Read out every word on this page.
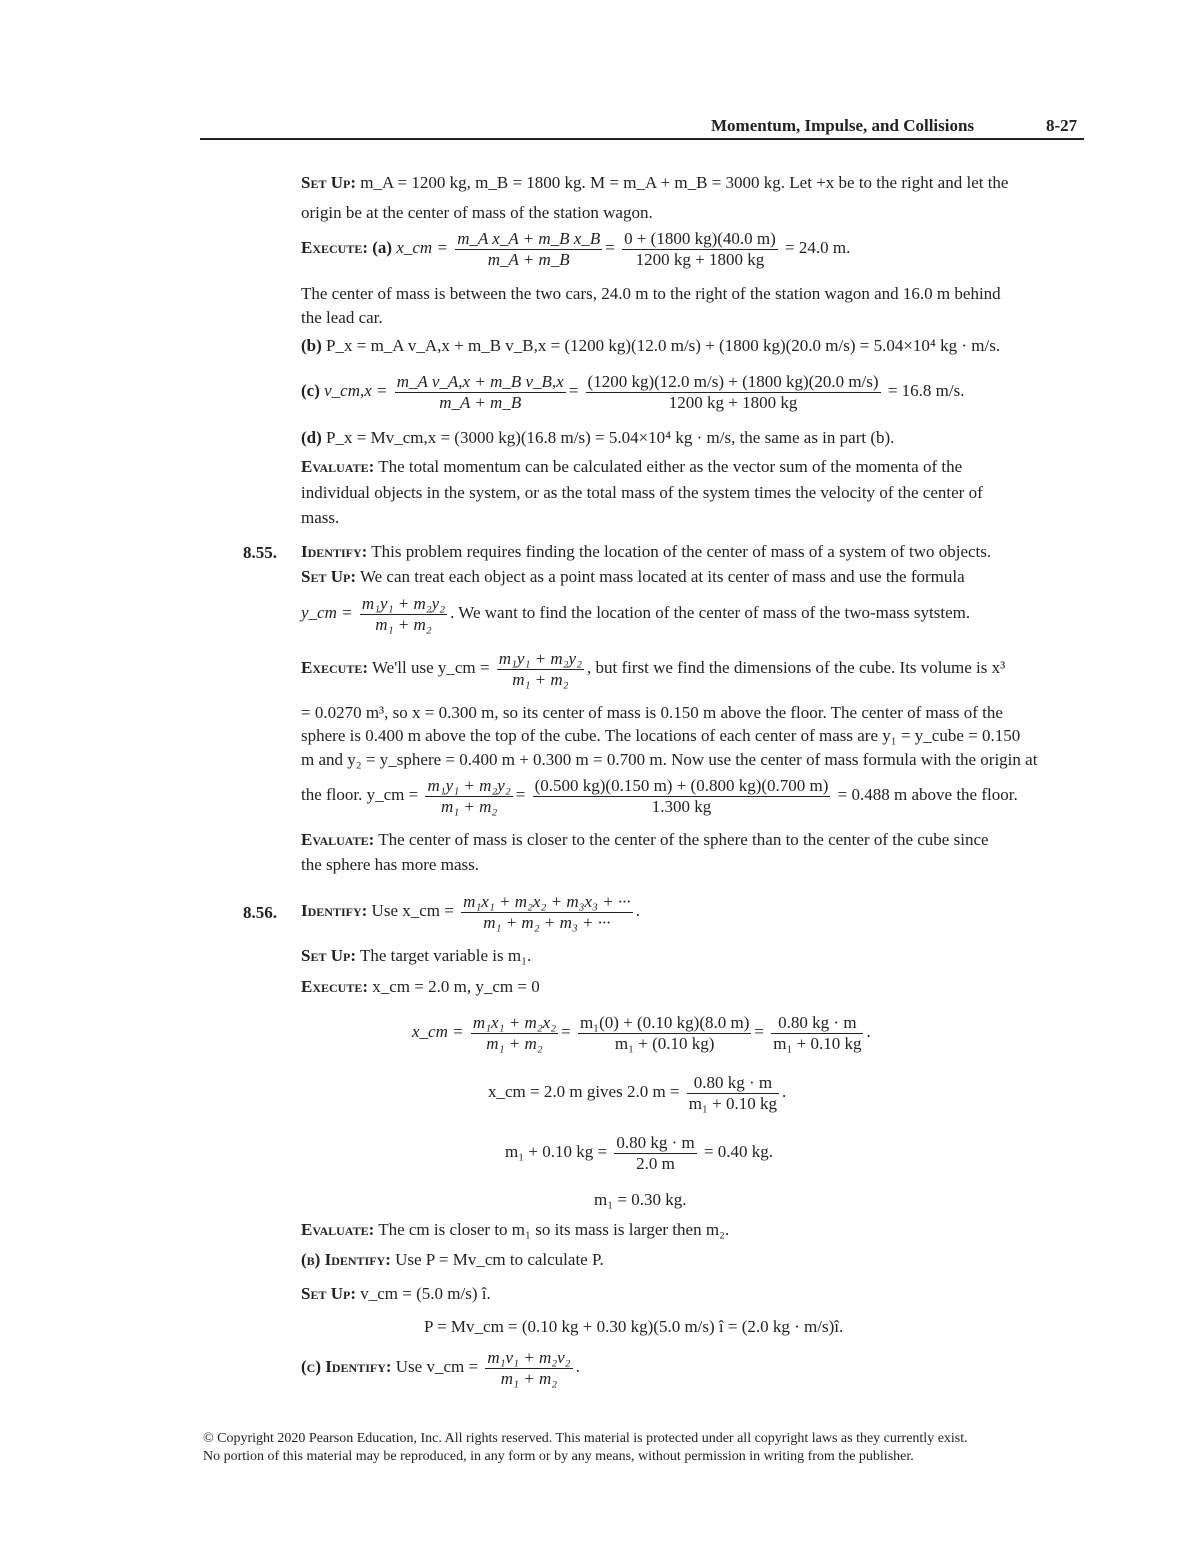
Momentum, Impulse, and Collisions	8-27
Set Up: m_A = 1200 kg, m_B = 1800 kg. M = m_A + m_B = 3000 kg. Let +x be to the right and let the
origin be at the center of mass of the station wagon.
Execute: (a) x_cm = $\frac{\text{m\_A x\_A + m\_B x\_B}}{m\_A + m\_B} = \frac{0 + (1800 kg)(40.0 m)}{1200 kg + 1800 kg} = 24.0$ m.
The center of mass is between the two cars, 24.0 m to the right of the station wagon and 16.0 m behind
the lead car.
(b) P_x = m_A v_A,x + m_B v_B,x = (1200 kg)(12.0 m/s) + (1800 kg)(20.0 m/s) = 5.04×10⁴ kg · m/s.
(c) v_cm,x = $\frac{\text{m\_A v\_A,x + m\_B v\_B,x}}{m\_A + m\_B} = \frac{(1200 kg)(12.0 m/s) + (1800 kg)(20.0 m/s)}{1200 kg + 1800 kg} = 16.8$ m/s.
(d) P_x = Mv_cm,x = (3000 kg)(16.8 m/s) = 5.04×10⁴ kg · m/s, the same as in part (b).
Evaluate: The total momentum can be calculated either as the vector sum of the momenta of the
individual objects in the system, or as the total mass of the system times the velocity of the center of
mass.
8.55. Identify: This problem requires finding the location of the center of mass of a system of two objects.
Set Up: We can treat each object as a point mass located at its center of mass and use the formula
y_cm = $\frac{\text{m₁y₁ + m₂y₂}}{\text{m₁ + m₂}}$ . We want to find the location of the center of mass of the two-mass sytstem.
Execute: We'll use y_cm = $\frac{\text{m₁y₁ + m₂y₂}}{\text{m₁ + m₂}}$ , but first we find the dimensions of the cube. Its volume is x³
= 0.0270 m³, so x = 0.300 m, so its center of mass is 0.150 m above the floor. The center of mass of the
sphere is 0.400 m above the top of the cube. The locations of each center of mass are y₁ = y_cube = 0.150
m and y₂ = y_sphere = 0.400 m + 0.300 m = 0.700 m. Now use the center of mass formula with the origin at
the floor. y_cm = $\frac{\text{m₁y₁ + m₂y₂}}{\text{m₁ + m₂}} = \frac{(0.500 kg)(0.150 m) + (0.800 kg)(0.700 m)}{1.300 kg} = 0.488$ m above the floor.
Evaluate: The center of mass is closer to the center of the sphere than to the center of the cube since
the sphere has more mass.
8.56. Identify: Use x_cm = $\frac{\text{m₁x₁ + m₂x₂ + m₃x₃ + ···}}{\text{m₁ + m₂ + m₃ + ···}}$ .
Set Up: The target variable is m₁.
Execute: x_cm = 2.0 m, y_cm = 0
x_cm = $\frac{\text{m₁x₁ + m₂x₂}}{\text{m₁ + m₂}} = \frac{\text{m₁(0) + (0.10 kg)(8.0 m)}}{\text{m₁ + (0.10 kg)}} = \frac{0.80 kg \cdot m}{\text{m₁ + 0.10 kg}}$ .
x_cm = 2.0 m gives 2.0 $m = \frac{0.80 kg \cdot m}{\text{m₁ + 0.10 kg}}$ .
m₁ + 0.10 kg = $\frac{0.80 kg \cdot m}{2.0 m} = 0.40$ kg.
m₁ = 0.30 kg.
Evaluate: The cm is closer to m₁ so its mass is larger then m₂.
(b) Identify: Use P = Mv_cm to calculate P.
Set Up: v_cm = (5.0 m/s) î.
P = Mv_cm = (0.10 kg + 0.30 kg)(5.0 m/s) î = (2.0 kg · m/s)î.
(c) Identify: Use v_cm = $\frac{\text{m₁v₁ + m₂v₂}}{\text{m₁ + m₂}}$ .
© Copyright 2020 Pearson Education, Inc. All rights reserved. This material is protected under all copyright laws as they currently exist.
No portion of this material may be reproduced, in any form or by any means, without permission in writing from the publisher.
